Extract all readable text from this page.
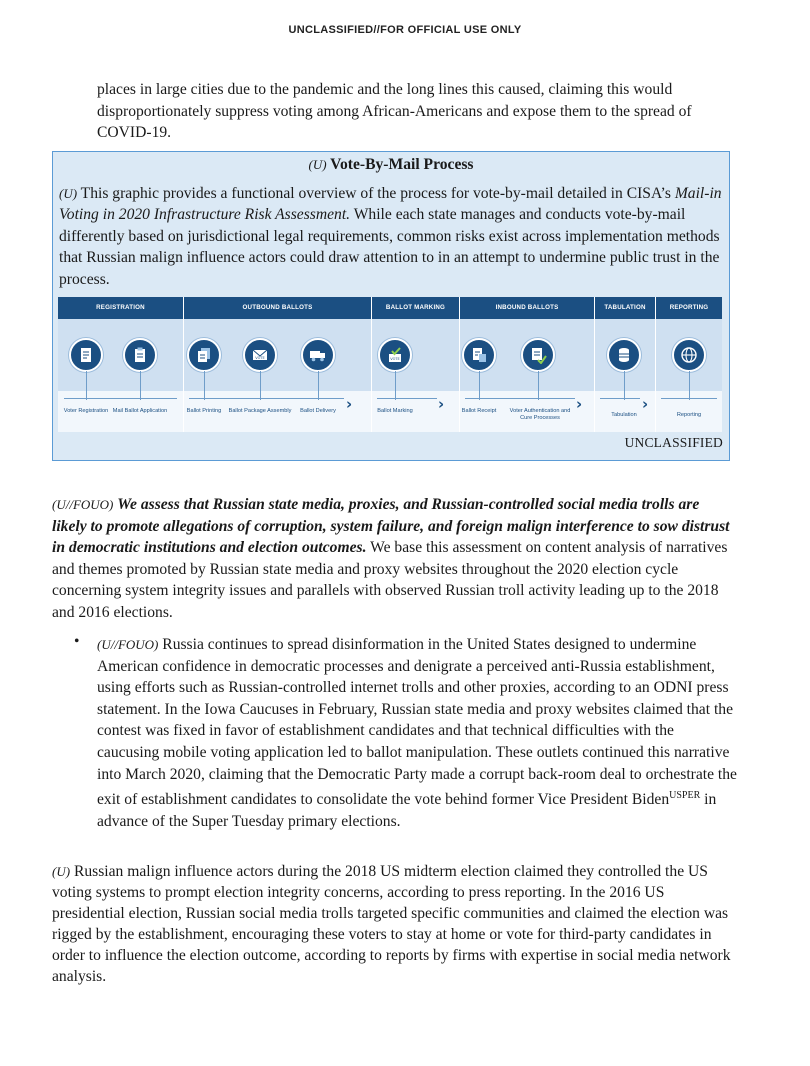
UNCLASSIFIED//FOR OFFICIAL USE ONLY

places in large cities due to the pandemic and the long lines this caused, claiming this would disproportionately suppress voting among African-Americans and expose them to the spread of COVID-19.

(U) Vote-By-Mail Process
(U) This graphic provides a functional overview of the process for vote-by-mail detailed in CISA’s Mail-in Voting in 2020 Infrastructure Risk Assessment. While each state manages and conducts vote-by-mail differently based on jurisdictional legal requirements, common risks exist across implementation methods that Russian malign influence actors could draw attention to in an attempt to undermine public trust in the process.
REGISTRATION	OUTBOUND BALLOTS	BALLOT MARKING	INBOUND BALLOTS	TABULATION	REPORTING
›	›	›	›
Voter Registration Mail Ballot Application	Ballot Printing
VOTE
Ballot Package Assembly	Ballot Delivery
VOTE
Ballot Marking	Ballot Receipt	Voter Authentication and Cure Processes	Tabulation	Reporting
UNCLASSIFIED

(U//FOUO) We assess that Russian state media, proxies, and Russian-controlled social media trolls are likely to promote allegations of corruption, system failure, and foreign malign interference to sow distrust in democratic institutions and election outcomes. We base this assessment on content analysis of narratives and themes promoted by Russian state media and proxy websites throughout the 2020 election cycle concerning system integrity issues and parallels with observed Russian troll activity leading up to the 2018 and 2016 elections.

• (U//FOUO) Russia continues to spread disinformation in the United States designed to undermine American confidence in democratic processes and denigrate a perceived anti-Russia establishment, using efforts such as Russian-controlled internet trolls and other proxies, according to an ODNI press statement. In the Iowa Caucuses in February, Russian state media and proxy websites claimed that the contest was fixed in favor of establishment candidates and that technical difficulties with the caucusing mobile voting application led to ballot manipulation. These outlets continued this narrative into March 2020, claiming that the Democratic Party made a corrupt back-room deal to orchestrate the exit of establishment candidates to consolidate the vote behind former Vice President Biden$^{USPER}$ in advance of the Super Tuesday primary elections.

(U) Russian malign influence actors during the 2018 US midterm election claimed they controlled the US voting systems to prompt election integrity concerns, according to press reporting. In the 2016 US presidential election, Russian social media trolls targeted specific communities and claimed the election was rigged by the establishment, encouraging these voters to stay at home or vote for third-party candidates in order to influence the election outcome, according to reports by firms with expertise in social media network analysis.
